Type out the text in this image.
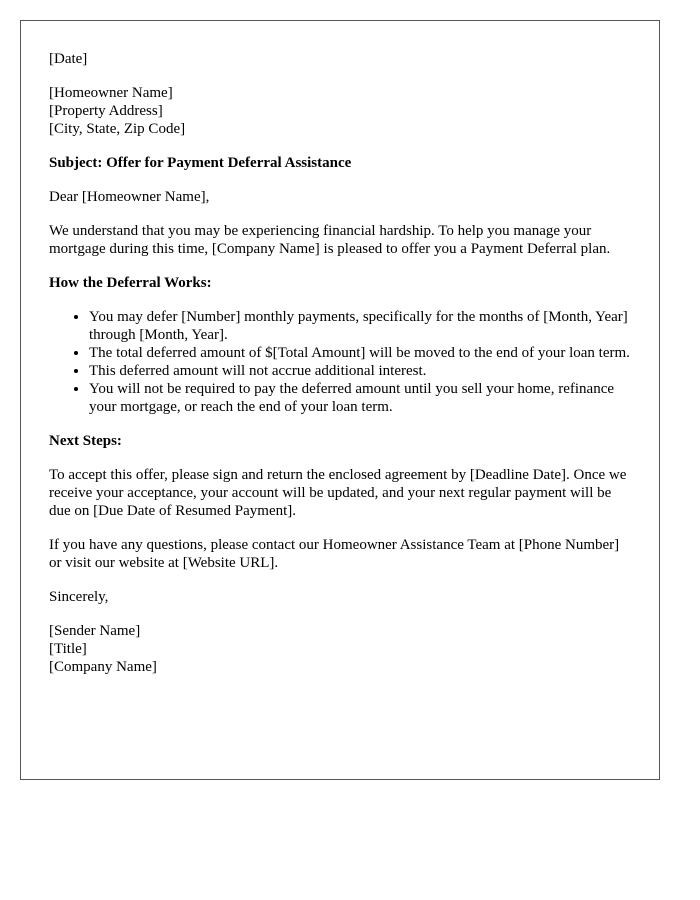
[Date]

[Homeowner Name]

[Property Address]

[City, State, Zip Code]

Subject: Offer for Payment Deferral Assistance

Dear [Homeowner Name],

We understand that you may be experiencing financial hardship. To help you manage your mortgage during this time, [Company Name] is pleased to offer you a Payment Deferral plan.

How the Deferral Works:

• You may defer [Number] monthly payments, specifically for the months of [Month, Year] through [Month, Year].
• The total deferred amount of $[Total Amount] will be moved to the end of your loan term.
• This deferred amount will not accrue additional interest.
• You will not be required to pay the deferred amount until you sell your home, refinance your mortgage, or reach the end of your loan term.

Next Steps:

To accept this offer, please sign and return the enclosed agreement by [Deadline Date]. Once we receive your acceptance, your account will be updated, and your next regular payment will be due on [Due Date of Resumed Payment].

If you have any questions, please contact our Homeowner Assistance Team at [Phone Number] or visit our website at [Website URL].

Sincerely,

[Sender Name]

[Title]

[Company Name]
